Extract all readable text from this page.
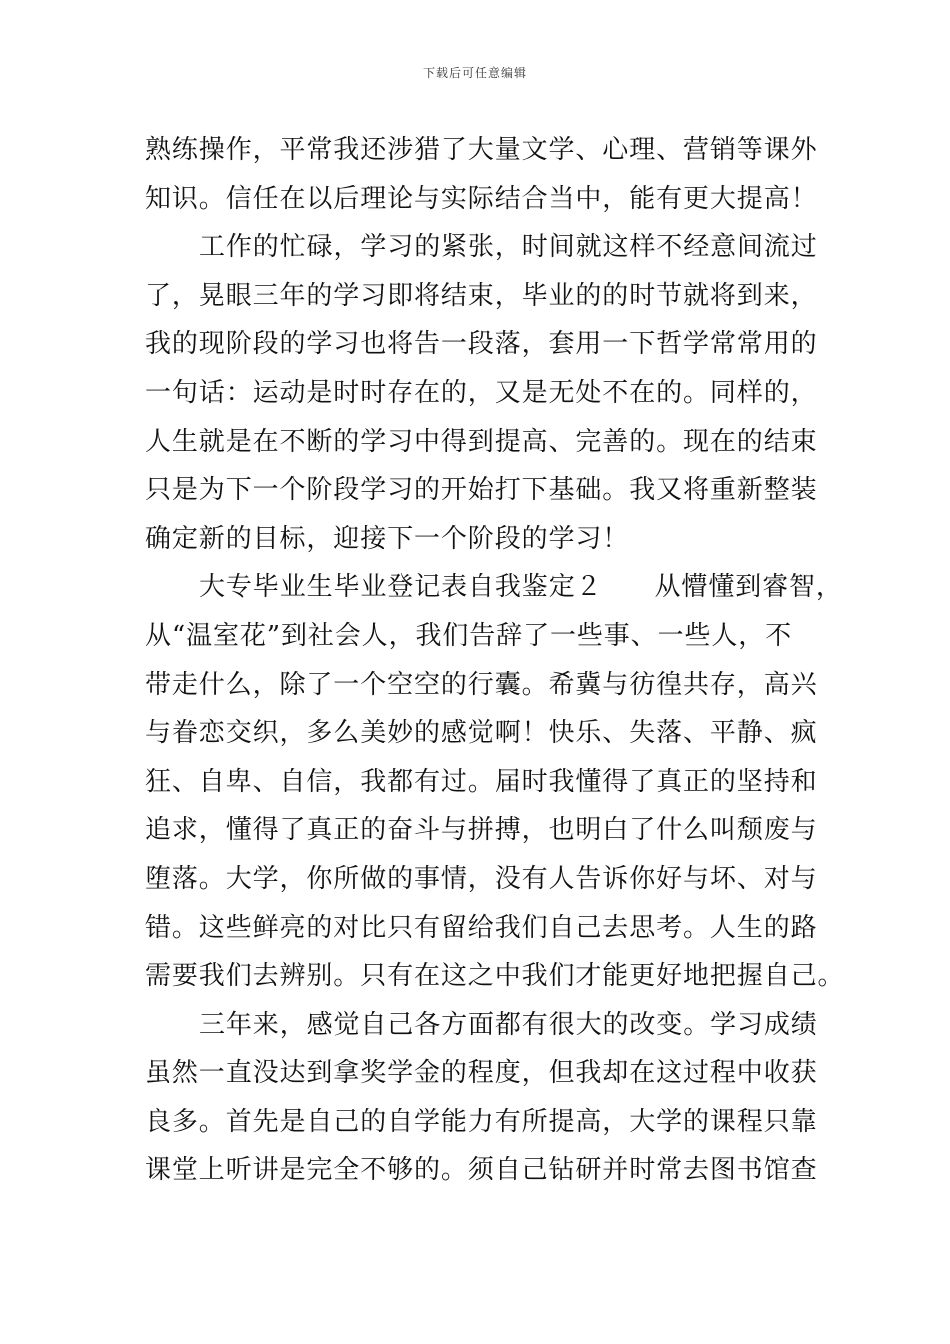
下载后可任意编辑
熟练操作，平常我还涉猎了大量文学、心理、营销等课外
知识。信任在以后理论与实际结合当中，能有更大提高！
工作的忙碌，学习的紧张，时间就这样不经意间流过
了，晃眼三年的学习即将结束，毕业的的时节就将到来，
我的现阶段的学习也将告一段落，套用一下哲学常常用的
一句话：运动是时时存在的，又是无处不在的。同样的，
人生就是在不断的学习中得到提高、完善的。现在的结束
只是为下一个阶段学习的开始打下基础。我又将重新整装
确定新的目标，迎接下一个阶段的学习！
大专毕业生毕业登记表自我鉴定２ 从懵懂到睿智，
从“温室花”到社会人，我们告辞了一些事、一些人，不
带走什么，除了一个空空的行囊。希冀与彷徨共存，高兴
与眷恋交织，多么美妙的感觉啊！快乐、失落、平静、疯
狂、自卑、自信，我都有过。届时我懂得了真正的坚持和
追求，懂得了真正的奋斗与拼搏，也明白了什么叫颓废与
堕落。大学，你所做的事情，没有人告诉你好与坏、对与
错。这些鲜亮的对比只有留给我们自己去思考。人生的路
需要我们去辨别。只有在这之中我们才能更好地把握自己。
三年来，感觉自己各方面都有很大的改变。学习成绩
虽然一直没达到拿奖学金的程度，但我却在这过程中收获
良多。首先是自己的自学能力有所提高，大学的课程只靠
课堂上听讲是完全不够的。须自己钻研并时常去图书馆查
